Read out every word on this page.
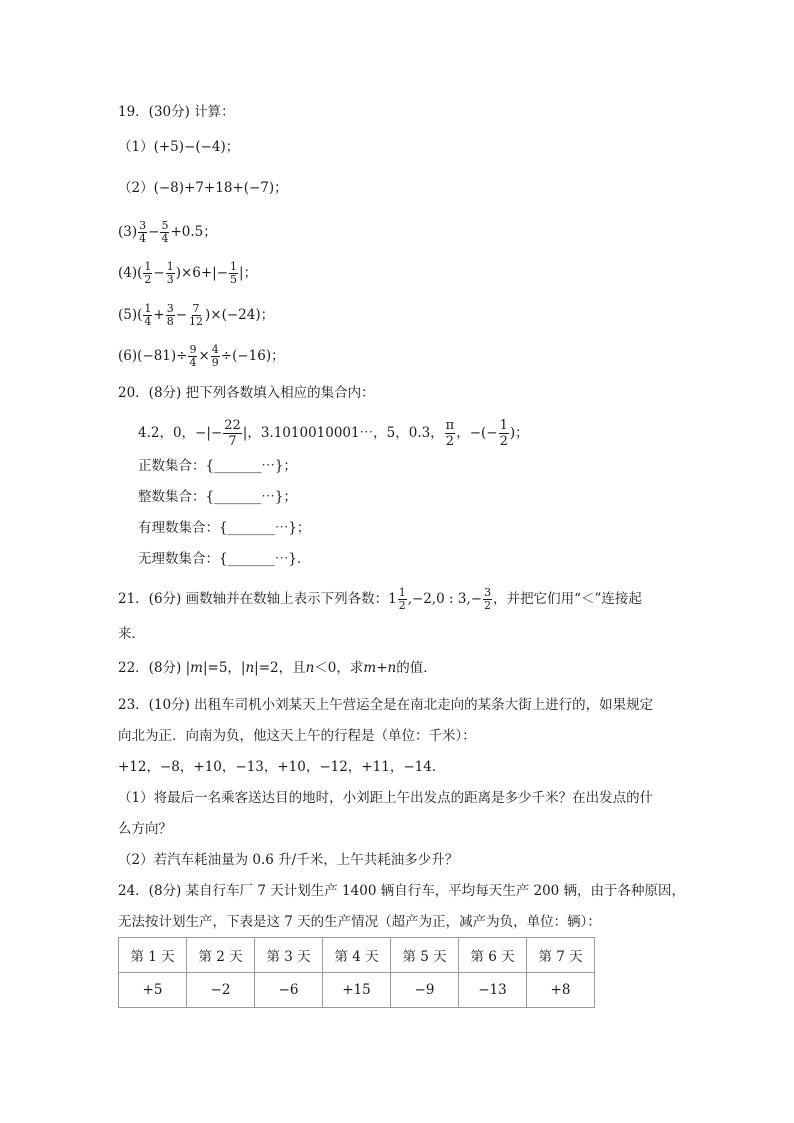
19．(30分) 计算：
（1）(+5)−(−4)；
（2）(−8)+7+18+(−7)；
$(3) \frac{3}{4} - \frac{5}{4} +0.5$；
$(4)( \frac{1}{2} - \frac{1}{3} )\times 6+|- \frac{1}{5}$ |；
$(5)( \frac{1}{4} + \frac{3}{8} - \frac{7}{12} )\times(-24)$；
$(6)(-81)\div \frac{9}{4} \times \frac{4}{9} \div(-16)$；
20．(8分) 把下列各数填入相应的集合内：
4.2，0，−|− $\frac{22}{7}$ |，3.1010010001⋯，5，0.3， $\frac{\pi}{2}$ ，−(− $\frac{1}{2}$ )；
正数集合：{_______⋯}；
整数集合：{_______⋯}；
有理数集合：{_______⋯}；
无理数集合：{_______⋯}．
21．(6分) 画数轴并在数轴上表示下列各数：$1 \frac{1}{2} ,-2,0$ : $3,- \frac{3}{2}$ ，并把它们用“＜”连接起
来．
22．(8分) |m|=5，|n|=2，且n＜0，求m+n的值．
23．(10分) 出租车司机小刘某天上午营运全是在南北走向的某条大街上进行的，如果规定
向北为正．向南为负，他这天上午的行程是（单位：千米）：
+12，−8，+10，−13，+10，−12，+11，−14．
（1）将最后一名乘客送达目的地时，小刘距上午出发点的距离是多少千米？在出发点的什
么方向？
（2）若汽车耗油量为 0.6 升/千米，上午共耗油多少升？
24．(8分) 某自行车厂 7 天计划生产 1400 辆自行车，平均每天生产 200 辆，由于各种原因，
无法按计划生产，下表是这 7 天的生产情况（超产为正，减产为负，单位：辆）：
第 1 天	第 2 天	第 3 天	第 4 天	第 5 天	第 6 天	第 7 天
+5	−2	−6	+15	−9	−13	+8
